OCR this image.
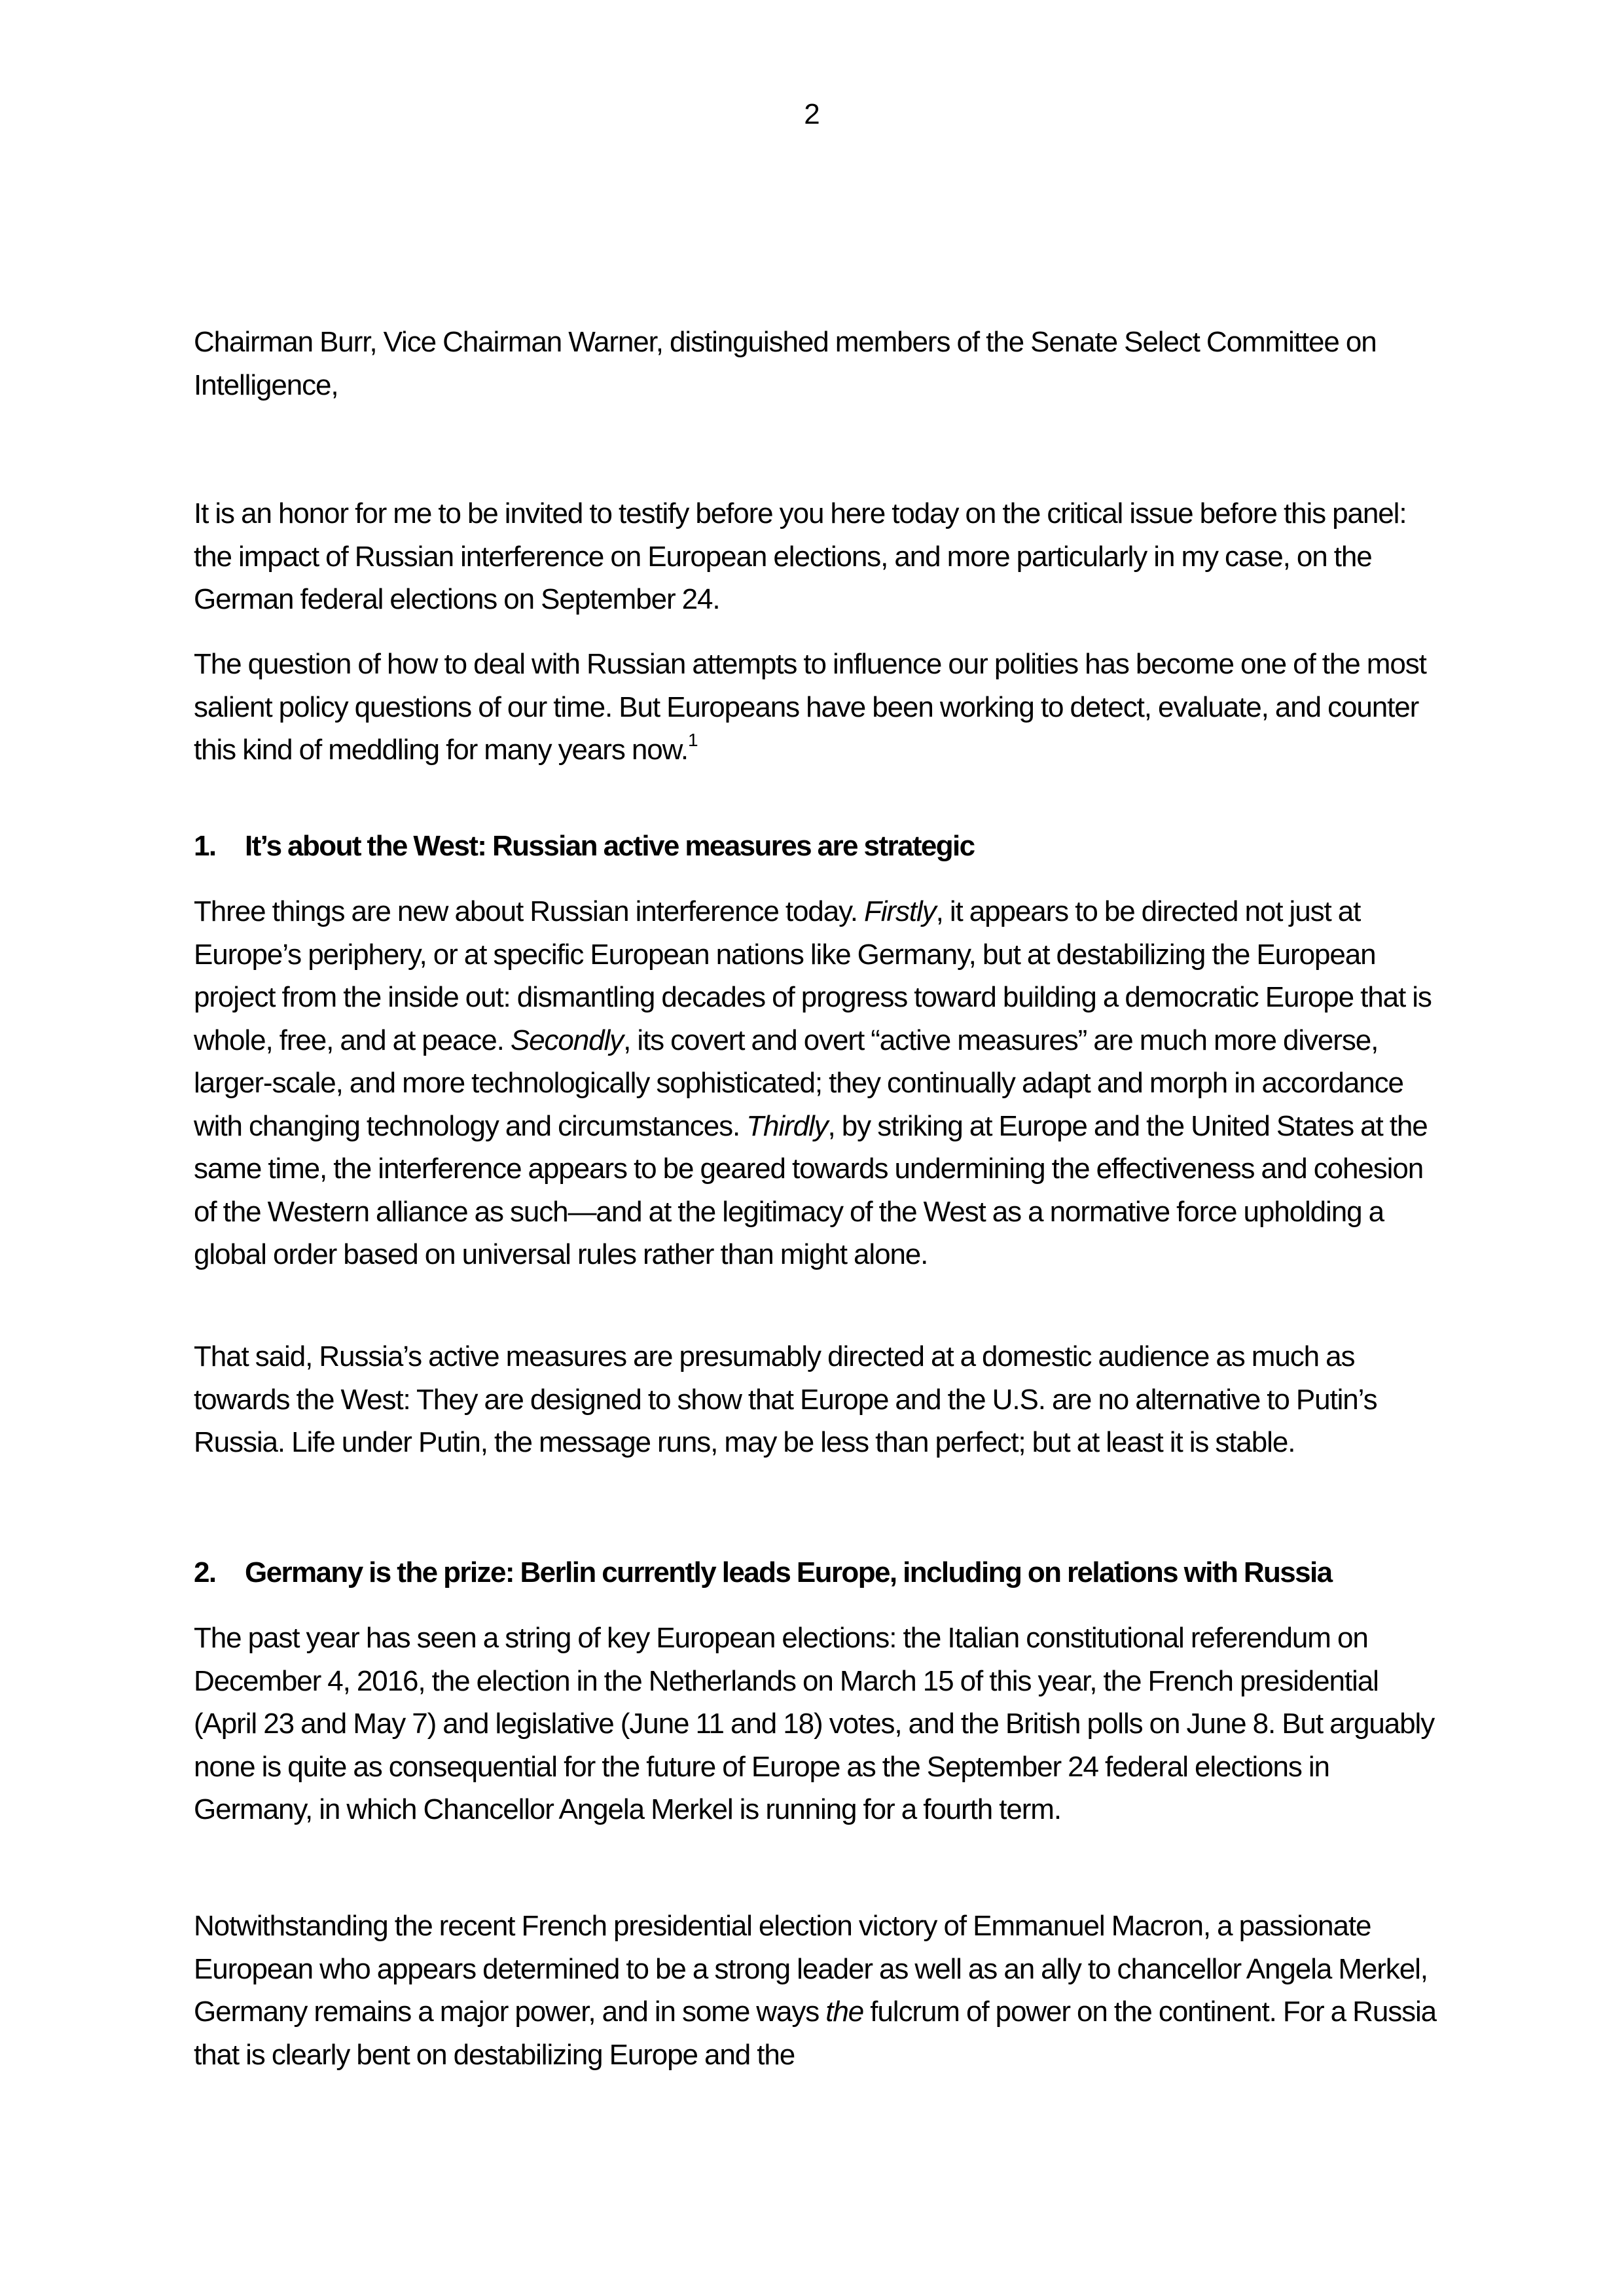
2

Chairman Burr, Vice Chairman Warner, distinguished members of the Senate Select Committee on Intelligence,

It is an honor for me to be invited to testify before you here today on the critical issue before this panel: the impact of Russian interference on European elections, and more particularly in my case, on the German federal elections on September 24.

The question of how to deal with Russian attempts to influence our polities has become one of the most salient policy questions of our time. But Europeans have been working to detect, evaluate, and counter this kind of meddling for many years now.$^1$

1. It’s about the West: Russian active measures are strategic

Three things are new about Russian interference today. Firstly, it appears to be directed not just at Europe’s periphery, or at specific European nations like Germany, but at destabilizing the European project from the inside out: dismantling decades of progress toward building a democratic Europe that is whole, free, and at peace. Secondly, its covert and overt “active measures” are much more diverse, larger-scale, and more technologically sophisticated; they continually adapt and morph in accordance with changing technology and circumstances. Thirdly, by striking at Europe and the United States at the same time, the interference appears to be geared towards undermining the effectiveness and cohesion of the Western alliance as such—and at the legitimacy of the West as a normative force upholding a global order based on universal rules rather than might alone.

That said, Russia’s active measures are presumably directed at a domestic audience as much as towards the West: They are designed to show that Europe and the U.S. are no alternative to Putin’s Russia. Life under Putin, the message runs, may be less than perfect; but at least it is stable.

2. Germany is the prize: Berlin currently leads Europe, including on relations with Russia

The past year has seen a string of key European elections: the Italian constitutional referendum on December 4, 2016, the election in the Netherlands on March 15 of this year, the French presidential (April 23 and May 7) and legislative (June 11 and 18) votes, and the British polls on June 8. But arguably none is quite as consequential for the future of Europe as the September 24 federal elections in Germany, in which Chancellor Angela Merkel is running for a fourth term.

Notwithstanding the recent French presidential election victory of Emmanuel Macron, a passionate European who appears determined to be a strong leader as well as an ally to chancellor Angela Merkel, Germany remains a major power, and in some ways the fulcrum of power on the continent. For a Russia that is clearly bent on destabilizing Europe and the
